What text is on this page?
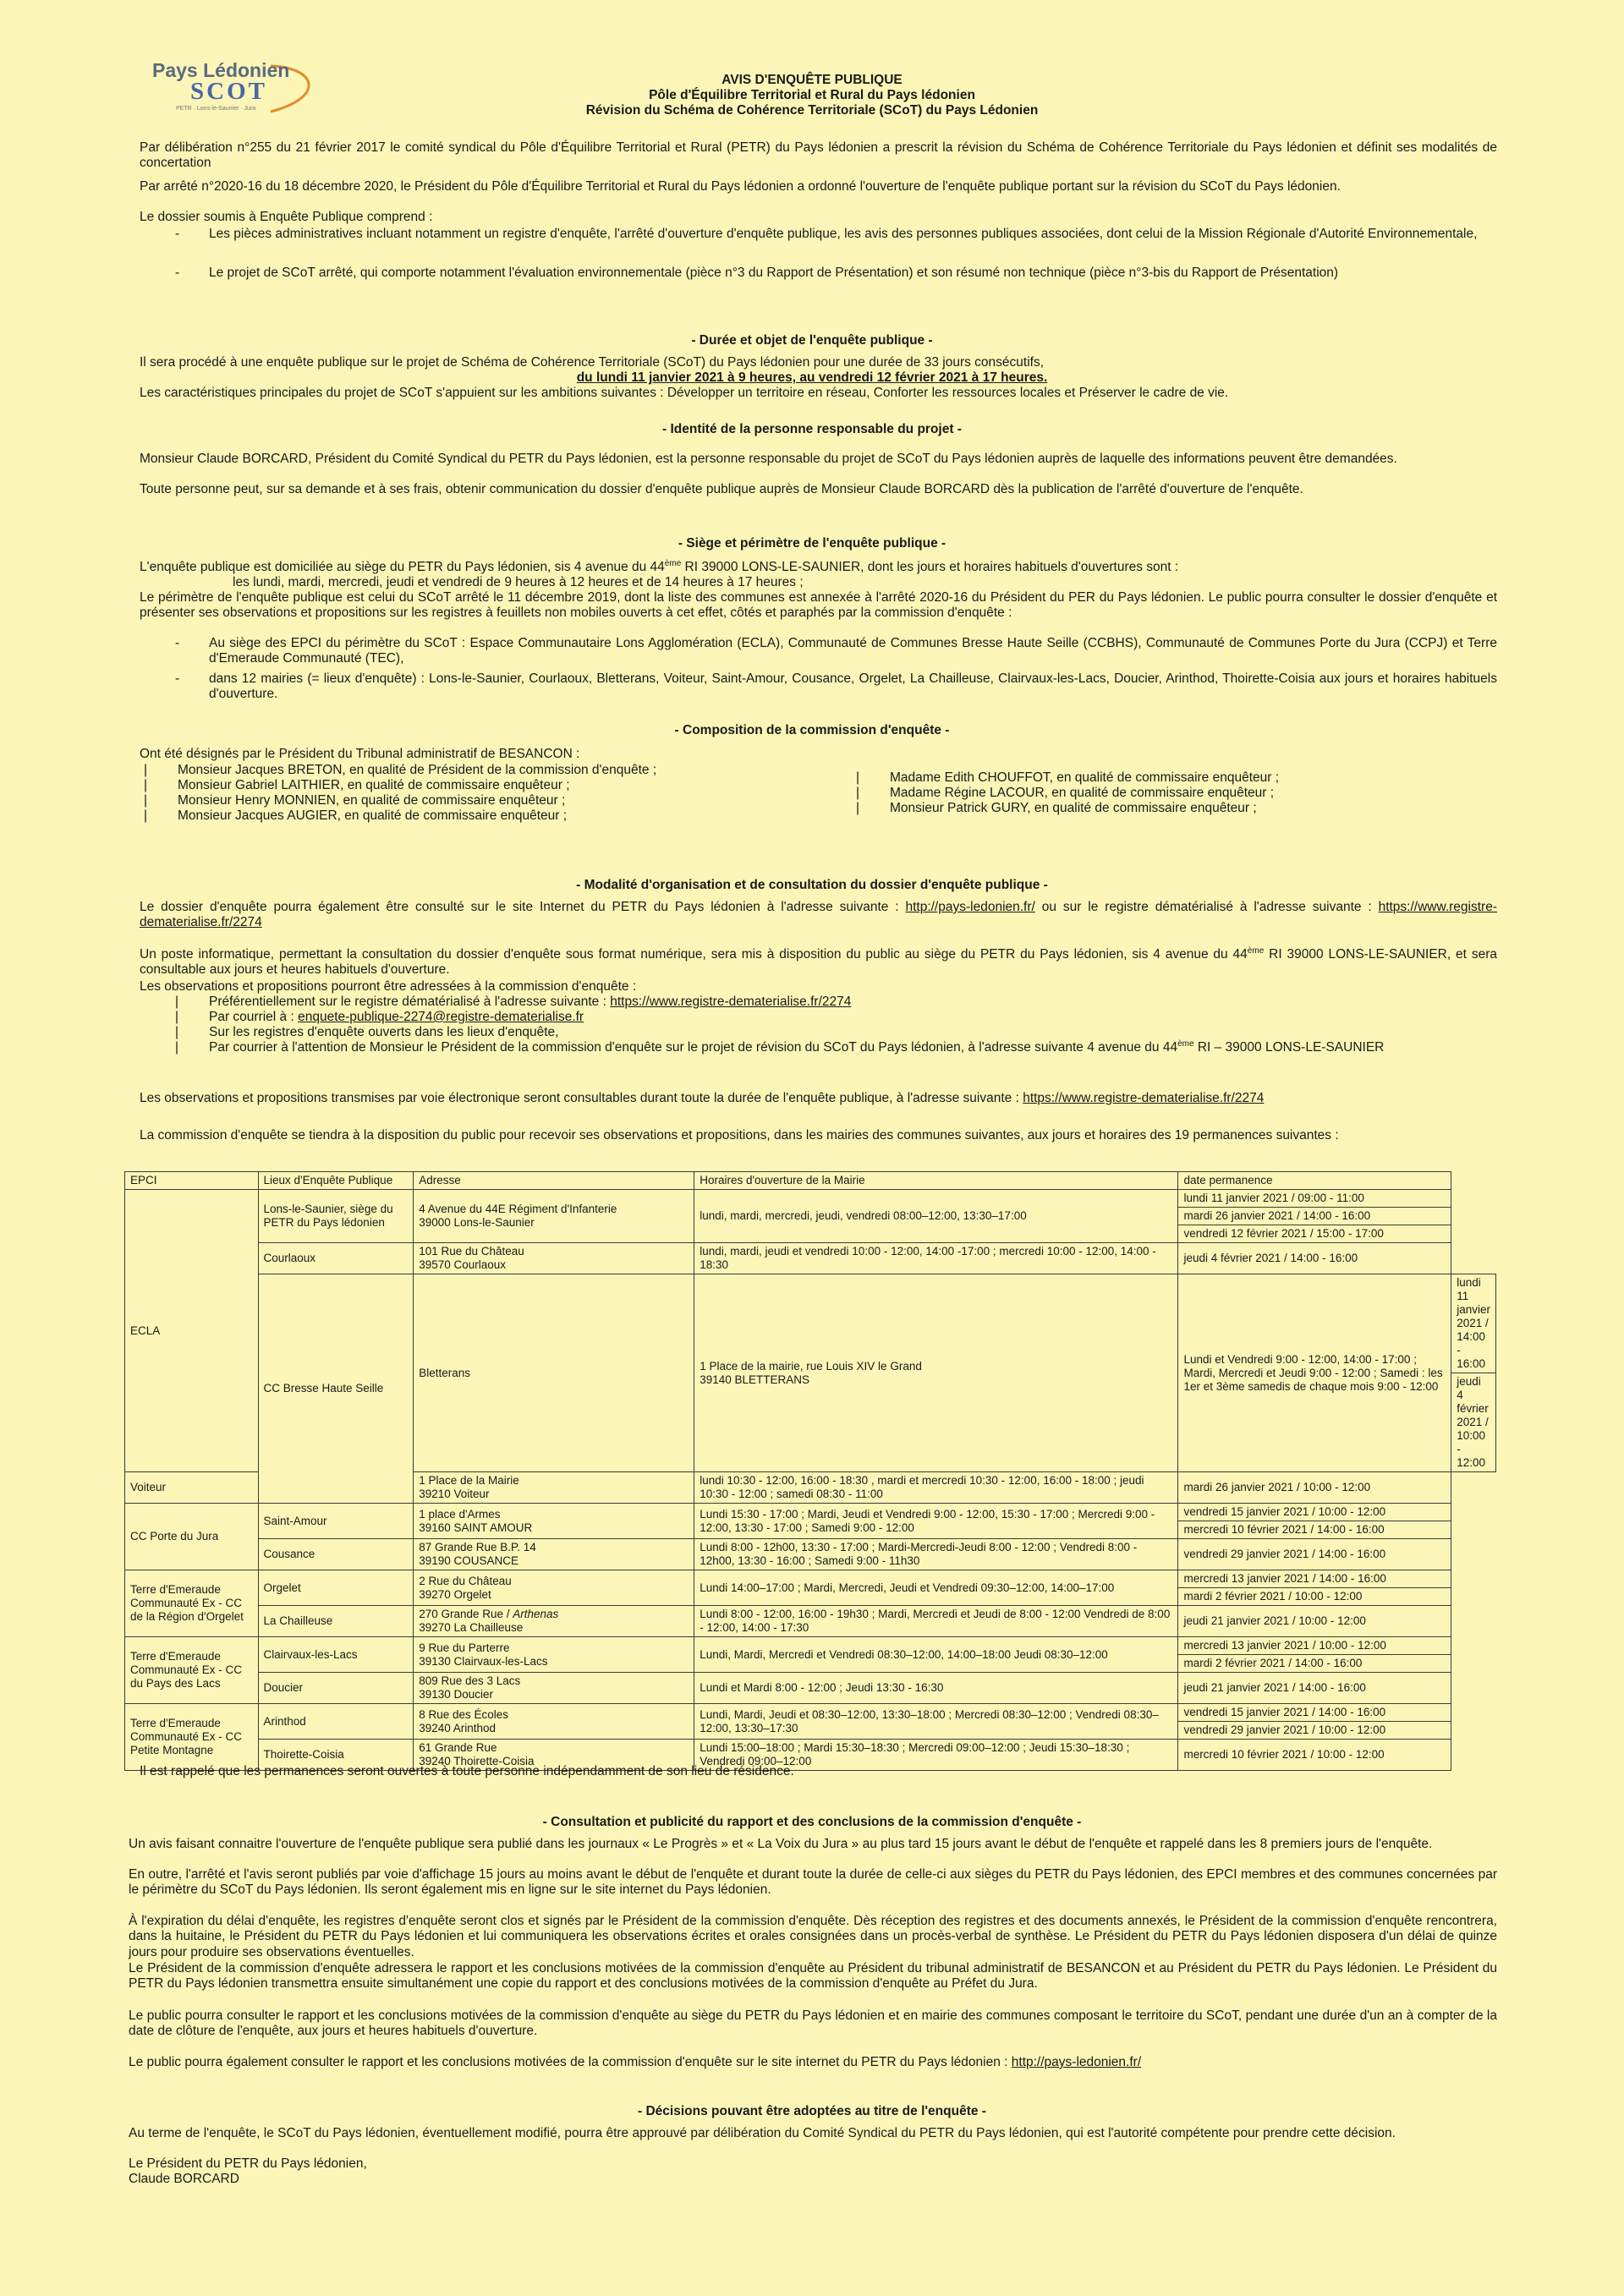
Pays Lédonien
SCOT
PETR · Lons-le-Saunier · Jura
AVIS D'ENQUÊTE PUBLIQUE
Pôle d'Équilibre Territorial et Rural du Pays lédonien
Révision du Schéma de Cohérence Territoriale (SCoT) du Pays Lédonien
Par délibération n°255 du 21 février 2017 le comité syndical du Pôle d'Équilibre Territorial et Rural (PETR) du Pays lédonien a prescrit la révision du Schéma de Cohérence Territoriale du Pays lédonien et définit ses modalités de concertation
Par arrêté n°2020-16 du 18 décembre 2020, le Président du Pôle d'Équilibre Territorial et Rural du Pays lédonien a ordonné l'ouverture de l'enquête publique portant sur la révision du SCoT du Pays lédonien.
Le dossier soumis à Enquête Publique comprend :
- Les pièces administratives incluant notamment un registre d'enquête, l'arrêté d'ouverture d'enquête publique, les avis des personnes publiques associées, dont celui de la Mission Régionale d'Autorité Environnementale,
- Le projet de SCoT arrêté, qui comporte notamment l'évaluation environnementale (pièce n°3 du Rapport de Présentation) et son résumé non technique (pièce n°3-bis du Rapport de Présentation)
- Durée et objet de l'enquête publique -
Il sera procédé à une enquête publique sur le projet de Schéma de Cohérence Territoriale (SCoT) du Pays lédonien pour une durée de 33 jours consécutifs,
du lundi 11 janvier 2021 à 9 heures, au vendredi 12 février 2021 à 17 heures.
Les caractéristiques principales du projet de SCoT s'appuient sur les ambitions suivantes : Développer un territoire en réseau, Conforter les ressources locales et Préserver le cadre de vie.
- Identité de la personne responsable du projet -
Monsieur Claude BORCARD, Président du Comité Syndical du PETR du Pays lédonien, est la personne responsable du projet de SCoT du Pays lédonien auprès de laquelle des informations peuvent être demandées.
Toute personne peut, sur sa demande et à ses frais, obtenir communication du dossier d'enquête publique auprès de Monsieur Claude BORCARD dès la publication de l'arrêté d'ouverture de l'enquête.
- Siège et périmètre de l'enquête publique -
L'enquête publique est domiciliée au siège du PETR du Pays lédonien, sis 4 avenue du 44ème RI 39000 LONS-LE-SAUNIER, dont les jours et horaires habituels d'ouvertures sont :
les lundi, mardi, mercredi, jeudi et vendredi de 9 heures à 12 heures et de 14 heures à 17 heures ;
Le périmètre de l'enquête publique est celui du SCoT arrêté le 11 décembre 2019, dont la liste des communes est annexée à l'arrêté 2020-16 du Président du PER du Pays lédonien. Le public pourra consulter le dossier d'enquête et présenter ses observations et propositions sur les registres à feuillets non mobiles ouverts à cet effet, côtés et paraphés par la commission d'enquête :
- Au siège des EPCI du périmètre du SCoT : Espace Communautaire Lons Agglomération (ECLA), Communauté de Communes Bresse Haute Seille (CCBHS), Communauté de Communes Porte du Jura (CCPJ) et Terre d'Emeraude Communauté (TEC),
- dans 12 mairies (= lieux d'enquête) : Lons-le-Saunier, Courlaoux, Bletterans, Voiteur, Saint-Amour, Cousance, Orgelet, La Chailleuse, Clairvaux-les-Lacs, Doucier, Arinthod, Thoirette-Coisia aux jours et horaires habituels d'ouverture.
- Composition de la commission d'enquête -
Ont été désignés par le Président du Tribunal administratif de BESANCON :
| Monsieur Jacques BRETON, en qualité de Président de la commission d'enquête ;
| Monsieur Gabriel LAITHIER, en qualité de commissaire enquêteur ;
| Monsieur Henry MONNIEN, en qualité de commissaire enquêteur ;
| Monsieur Jacques AUGIER, en qualité de commissaire enquêteur ;
| Madame Edith CHOUFFOT, en qualité de commissaire enquêteur ;
| Madame Régine LACOUR, en qualité de commissaire enquêteur ;
| Monsieur Patrick GURY, en qualité de commissaire enquêteur ;
- Modalité d'organisation et de consultation du dossier d'enquête publique -
Le dossier d'enquête pourra également être consulté sur le site Internet du PETR du Pays lédonien à l'adresse suivante : http://pays-ledonien.fr/ ou sur le registre dématérialisé à l'adresse suivante : https://www.registre-dematerialise.fr/2274
Un poste informatique, permettant la consultation du dossier d'enquête sous format numérique, sera mis à disposition du public au siège du PETR du Pays lédonien, sis 4 avenue du 44ème RI 39000 LONS-LE-SAUNIER, et sera consultable aux jours et heures habituels d'ouverture.
Les observations et propositions pourront être adressées à la commission d'enquête :
| Préférentiellement sur le registre dématérialisé à l'adresse suivante : https://www.registre-dematerialise.fr/2274
| Par courriel à : enquete-publique-2274@registre-dematerialise.fr
| Sur les registres d'enquête ouverts dans les lieux d'enquête,
| Par courrier à l'attention de Monsieur le Président de la commission d'enquête sur le projet de révision du SCoT du Pays lédonien, à l'adresse suivante 4 avenue du 44ème RI – 39000 LONS-LE-SAUNIER
Les observations et propositions transmises par voie électronique seront consultables durant toute la durée de l'enquête publique, à l'adresse suivante : https://www.registre-dematerialise.fr/2274
La commission d'enquête se tiendra à la disposition du public pour recevoir ses observations et propositions, dans les mairies des communes suivantes, aux jours et horaires des 19 permanences suivantes :
EPCI	Lieux d'Enquête Publique	Adresse	Horaires d'ouverture de la Mairie	date permanence	
ECLA	Lons-le-Saunier, siège du PETR du Pays lédonien	4 Avenue du 44E Régiment d'Infanterie
39000 Lons-le-Saunier	lundi, mardi, mercredi, jeudi, vendredi 08:00–12:00, 13:30–17:00	lundi 11 janvier 2021 / 09:00 - 11:00	
				mardi 26 janvier 2021 / 14:00 - 16:00	
				vendredi 12 février 2021 / 15:00 - 17:00	
	Courlaoux	101 Rue du Château
39570 Courlaoux	lundi, mardi, jeudi et vendredi 10:00 - 12:00, 14:00 -17:00 ; mercredi 10:00 - 12:00, 14:00 - 18:30	jeudi 4 février 2021 / 14:00 - 16:00	
	CC Bresse Haute Seille	Bletterans	1 Place de la mairie, rue Louis XIV le Grand
39140 BLETTERANS	Lundi et Vendredi 9:00 - 12:00, 14:00 - 17:00 ; Mardi, Mercredi et Jeudi 9:00 - 12:00 ; Samedi : les 1er et 3ème samedis de chaque mois 9:00 - 12:00	lundi 11 janvier 2021 / 14:00 - 16:00
					jeudi 4 février 2021 / 10:00 - 12:00
Voiteur		1 Place de la Mairie
39210 Voiteur	lundi 10:30 - 12:00, 16:00 - 18:30 , mardi et mercredi 10:30 - 12:00, 16:00 - 18:00 ; jeudi 10:30 - 12:00 ; samedi 08:30 - 11:00	mardi 26 janvier 2021 / 10:00 - 12:00	
CC Porte du Jura	Saint-Amour	1 place d'Armes
39160 SAINT AMOUR	Lundi 15:30 - 17:00 ; Mardi, Jeudi et Vendredi 9:00 - 12:00, 15:30 - 17:00 ; Mercredi 9:00 - 12:00, 13:30 - 17:00 ; Samedi 9:00 - 12:00	vendredi 15 janvier 2021 / 10:00 - 12:00	
				mercredi 10 février 2021 / 14:00 - 16:00	
	Cousance	87 Grande Rue B.P. 14
39190 COUSANCE	Lundi 8:00 - 12h00, 13:30 - 17:00 ; Mardi-Mercredi-Jeudi 8:00 - 12:00 ; Vendredi 8:00 - 12h00, 13:30 - 16:00 ; Samedi 9:00 - 11h30	vendredi 29 janvier 2021 / 14:00 - 16:00	
Terre d'Emeraude Communauté Ex - CC de la Région d'Orgelet	Orgelet	2 Rue du Château
39270 Orgelet	Lundi 14:00–17:00 ; Mardi, Mercredi, Jeudi et Vendredi 09:30–12:00, 14:00–17:00	mercredi 13 janvier 2021 / 14:00 - 16:00	
				mardi 2 février 2021 / 10:00 - 12:00	
	La Chailleuse	270 Grande Rue / Arthenas
39270 La Chailleuse	Lundi 8:00 - 12:00, 16:00 - 19h30 ; Mardi, Mercredi et Jeudi de 8:00 - 12:00 Vendredi de 8:00 - 12:00, 14:00 - 17:30	jeudi 21 janvier 2021 / 10:00 - 12:00	
Terre d'Emeraude Communauté Ex - CC du Pays des Lacs	Clairvaux-les-Lacs	9 Rue du Parterre
39130 Clairvaux-les-Lacs	Lundi, Mardi, Mercredi et Vendredi 08:30–12:00, 14:00–18:00 Jeudi 08:30–12:00	mercredi 13 janvier 2021 / 10:00 - 12:00	
				mardi 2 février 2021 / 14:00 - 16:00	
	Doucier	809 Rue des 3 Lacs
39130 Doucier	Lundi et Mardi 8:00 - 12:00 ; Jeudi 13:30 - 16:30	jeudi 21 janvier 2021 / 14:00 - 16:00	
Terre d'Emeraude Communauté Ex - CC Petite Montagne	Arinthod	8 Rue des Écoles
39240 Arinthod	Lundi, Mardi, Jeudi et 08:30–12:00, 13:30–18:00 ; Mercredi 08:30–12:00 ; Vendredi 08:30–12:00, 13:30–17:30	vendredi 15 janvier 2021 / 14:00 - 16:00	
				vendredi 29 janvier 2021 / 10:00 - 12:00	
	Thoirette-Coisia	61 Grande Rue
39240 Thoirette-Coisia	Lundi 15:00–18:00 ; Mardi 15:30–18:30 ; Mercredi 09:00–12:00 ; Jeudi 15:30–18:30 ; Vendredi 09:00–12:00	mercredi 10 février 2021 / 10:00 - 12:00	
Il est rappelé que les permanences seront ouvertes à toute personne indépendamment de son lieu de résidence.
- Consultation et publicité du rapport et des conclusions de la commission d'enquête -
Un avis faisant connaitre l'ouverture de l'enquête publique sera publié dans les journaux « Le Progrès » et « La Voix du Jura » au plus tard 15 jours avant le début de l'enquête et rappelé dans les 8 premiers jours de l'enquête.
En outre, l'arrêté et l'avis seront publiés par voie d'affichage 15 jours au moins avant le début de l'enquête et durant toute la durée de celle-ci aux sièges du PETR du Pays lédonien, des EPCI membres et des communes concernées par le périmètre du SCoT du Pays lédonien. Ils seront également mis en ligne sur le site internet du Pays lédonien.
À l'expiration du délai d'enquête, les registres d'enquête seront clos et signés par le Président de la commission d'enquête. Dès réception des registres et des documents annexés, le Président de la commission d'enquête rencontrera, dans la huitaine, le Président du PETR du Pays lédonien et lui communiquera les observations écrites et orales consignées dans un procès-verbal de synthèse. Le Président du PETR du Pays lédonien disposera d'un délai de quinze jours pour produire ses observations éventuelles.
Le Président de la commission d'enquête adressera le rapport et les conclusions motivées de la commission d'enquête au Président du tribunal administratif de BESANCON et au Président du PETR du Pays lédonien. Le Président du PETR du Pays lédonien transmettra ensuite simultanément une copie du rapport et des conclusions motivées de la commission d'enquête au Préfet du Jura.
Le public pourra consulter le rapport et les conclusions motivées de la commission d'enquête au siège du PETR du Pays lédonien et en mairie des communes composant le territoire du SCoT, pendant une durée d'un an à compter de la date de clôture de l'enquête, aux jours et heures habituels d'ouverture.
Le public pourra également consulter le rapport et les conclusions motivées de la commission d'enquête sur le site internet du PETR du Pays lédonien : http://pays-ledonien.fr/
- Décisions pouvant être adoptées au titre de l'enquête -
Au terme de l'enquête, le SCoT du Pays lédonien, éventuellement modifié, pourra être approuvé par délibération du Comité Syndical du PETR du Pays lédonien, qui est l'autorité compétente pour prendre cette décision.
Le Président du PETR du Pays lédonien,
Claude BORCARD
